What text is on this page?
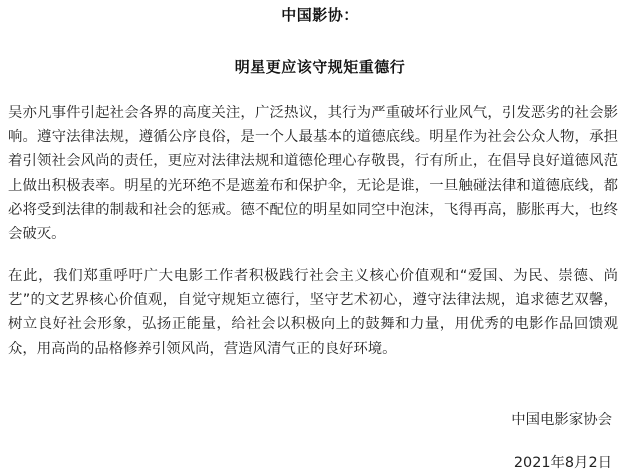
中国影协：
明星更应该守规矩重德行

吴亦凡事件引起社会各界的高度关注，广泛热议，其行为严重破坏行业风气，引发恶劣的社会影响。遵守法律法规，遵循公序良俗，是一个人最基本的道德底线。明星作为社会公众人物，承担着引领社会风尚的责任，更应对法律法规和道德伦理心存敬畏，行有所止，在倡导良好道德风范上做出积极表率。明星的光环绝不是遮羞布和保护伞，无论是谁，一旦触碰法律和道德底线，都必将受到法律的制裁和社会的惩戒。德不配位的明星如同空中泡沫，飞得再高，膨胀再大，也终会破灭。

在此，我们郑重呼吁广大电影工作者积极践行社会主义核心价值观和“爱国、为民、崇德、尚艺”的文艺界核心价值观，自觉守规矩立德行，坚守艺术初心，遵守法律法规，追求德艺双馨，树立良好社会形象，弘扬正能量，给社会以积极向上的鼓舞和力量，用优秀的电影作品回馈观众，用高尚的品格修养引领风尚，营造风清气正的良好环境。

中国电影家协会
2021年8月2日
